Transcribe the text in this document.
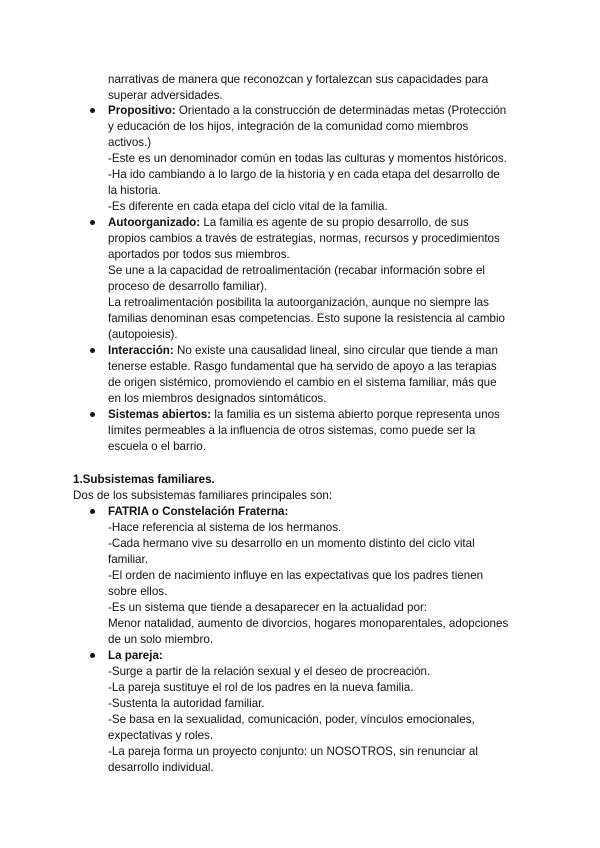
narrativas de manera que reconozcan y fortalezcan sus capacidades para
superar adversidades.
Propositivo: Orientado a la construcción de determinadas metas (Protección
y educación de los hijos, integración de la comunidad como miembros
activos.)
-Este es un denominador común en todas las culturas y momentos históricos.
-Ha ido cambiando a lo largo de la historia y en cada etapa del desarrollo de
la historia.
-Es diferente en cada etapa del ciclo vital de la familia.
Autoorganizado: La familia es agente de su propio desarrollo, de sus
propios cambios a través de estrategias, normas, recursos y procedimientos
aportados por todos sus miembros.
Se une a la capacidad de retroalimentación (recabar información sobre el
proceso de desarrollo familiar).
La retroalimentación posibilita la autoorganización, aunque no siempre las
familias denominan esas competencias. Esto supone la resistencia al cambio
(autopoiesis).
Interacción: No existe una causalidad lineal, sino circular que tiende a man
tenerse estable. Rasgo fundamental que ha servido de apoyo a las terapias
de origen sistémico, promoviendo el cambio en el sistema familiar, más que
en los miembros designados sintomáticos.
Sistemas abiertos: la familia es un sistema abierto porque representa unos
límites permeables a la influencia de otros sistemas, como puede ser la
escuela o el barrio.
1.Subsistemas familiares.
Dos de los subsistemas familiares principales son:
FATRIA o Constelación Fraterna:
-Hace referencia al sistema de los hermanos.
-Cada hermano vive su desarrollo en un momento distinto del ciclo vital
familiar.
-El orden de nacimiento influye en las expectativas que los padres tienen
sobre ellos.
-Es un sistema que tiende a desaparecer en la actualidad por:
Menor natalidad, aumento de divorcios, hogares monoparentales, adopciones
de un solo miembro.
La pareja:
-Surge a partir de la relación sexual y el deseo de procreación.
-La pareja sustituye el rol de los padres en la nueva familia.
-Sustenta la autoridad familiar.
-Se basa en la sexualidad, comunicación, poder, vínculos emocionales,
expectativas y roles.
-La pareja forma un proyecto conjunto: un NOSOTROS, sin renunciar al
desarrollo individual.
